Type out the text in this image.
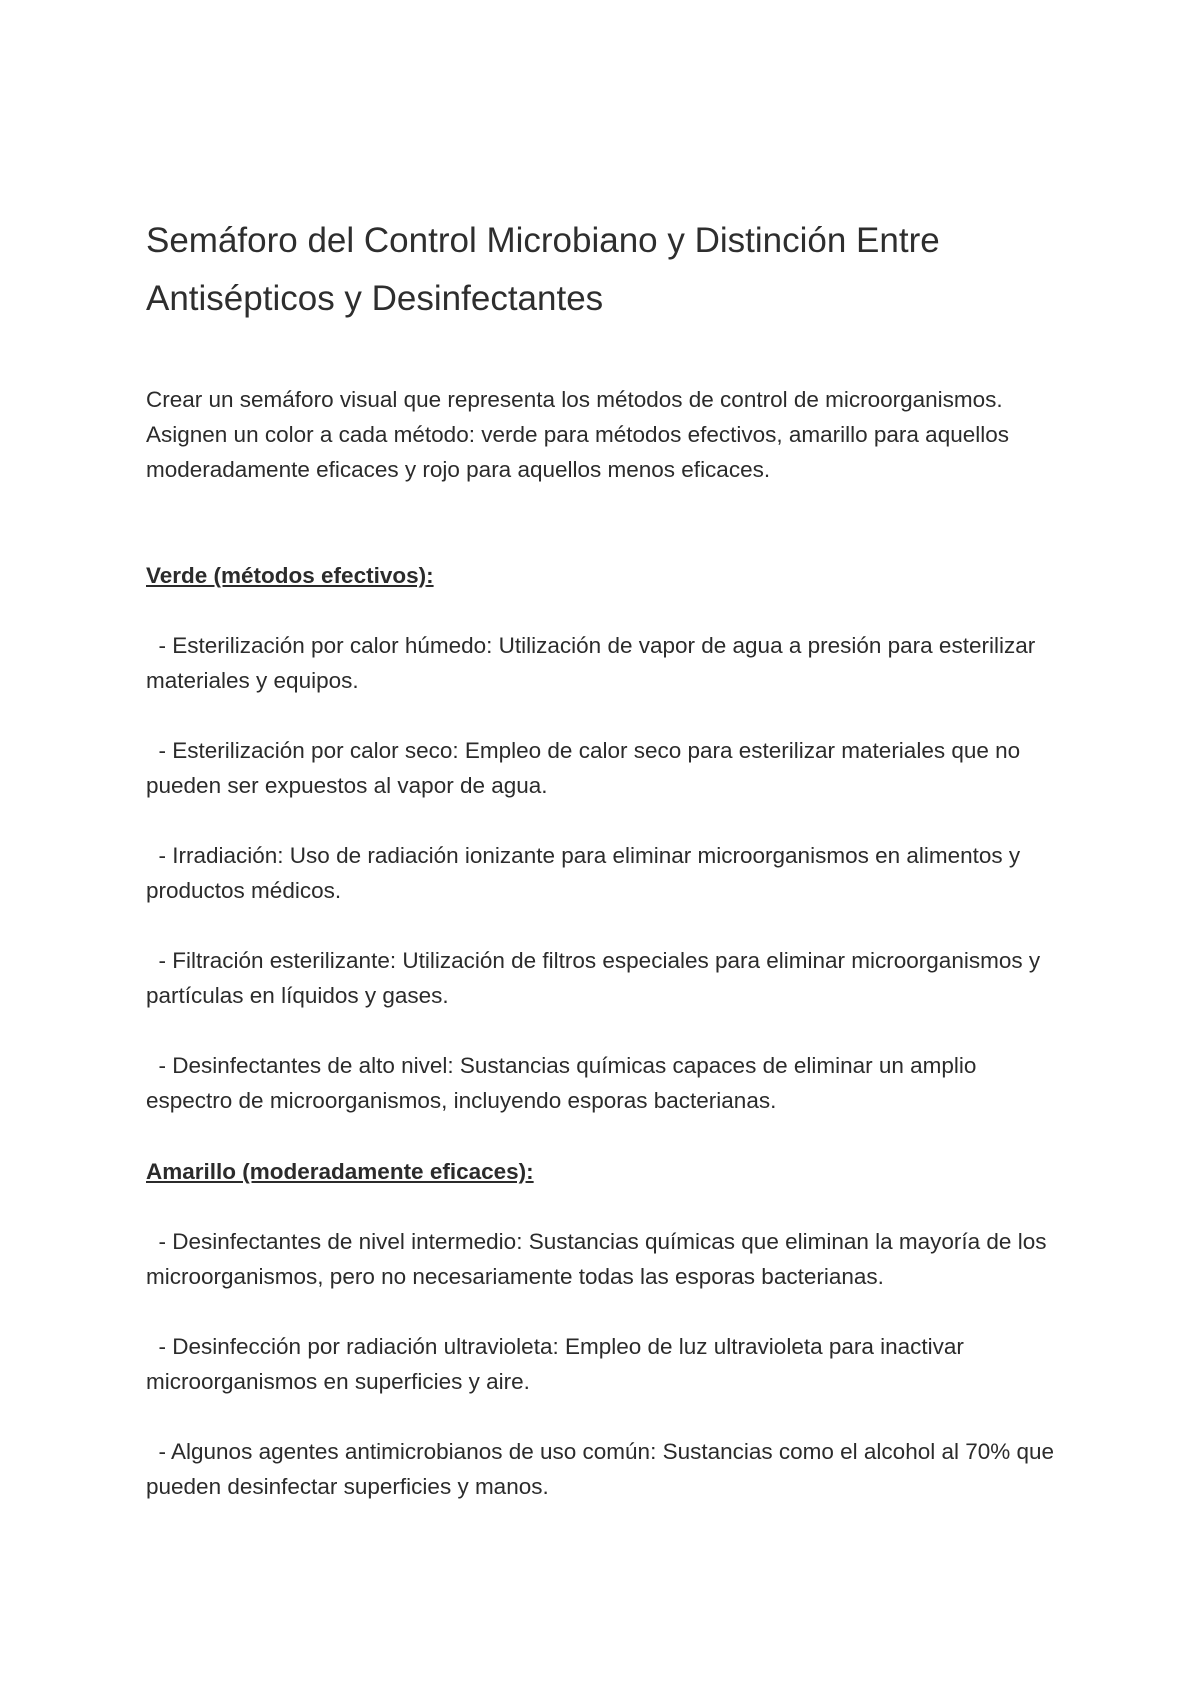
Semáforo del Control Microbiano y Distinción Entre
Antisépticos y Desinfectantes

Crear un semáforo visual que representa los métodos de control de microorganismos. Asignen un color a cada método: verde para métodos efectivos, amarillo para aquellos moderadamente eficaces y rojo para aquellos menos eficaces.

Verde (métodos efectivos):

- Esterilización por calor húmedo: Utilización de vapor de agua a presión para esterilizar materiales y equipos.
- Esterilización por calor seco: Empleo de calor seco para esterilizar materiales que no pueden ser expuestos al vapor de agua.
- Irradiación: Uso de radiación ionizante para eliminar microorganismos en alimentos y productos médicos.
- Filtración esterilizante: Utilización de filtros especiales para eliminar microorganismos y partículas en líquidos y gases.
- Desinfectantes de alto nivel: Sustancias químicas capaces de eliminar un amplio espectro de microorganismos, incluyendo esporas bacterianas.

Amarillo (moderadamente eficaces):

- Desinfectantes de nivel intermedio: Sustancias químicas que eliminan la mayoría de los microorganismos, pero no necesariamente todas las esporas bacterianas.
- Desinfección por radiación ultravioleta: Empleo de luz ultravioleta para inactivar microorganismos en superficies y aire.
- Algunos agentes antimicrobianos de uso común: Sustancias como el alcohol al 70% que pueden desinfectar superficies y manos.
